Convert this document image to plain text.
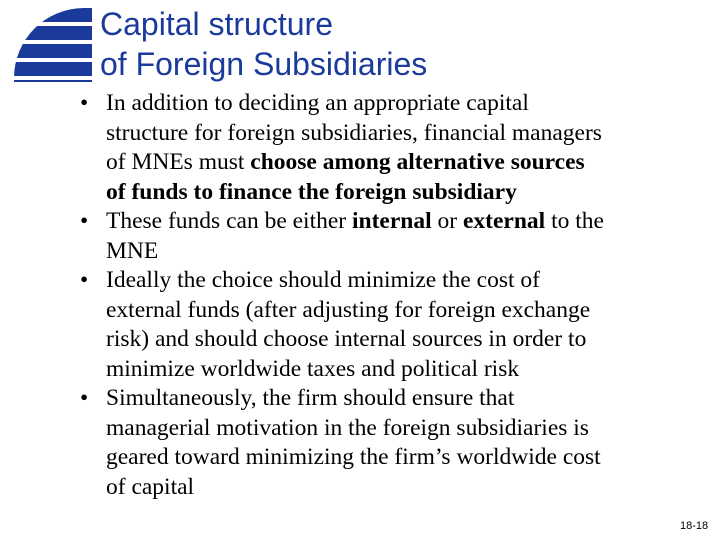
Capital structure
of Foreign Subsidiaries
• In addition to deciding an appropriate capital
structure for foreign subsidiaries, financial managers
of MNEs must choose among alternative sources
of funds to finance the foreign subsidiary
• These funds can be either internal or external to the
MNE
• Ideally the choice should minimize the cost of
external funds (after adjusting for foreign exchange
risk) and should choose internal sources in order to
minimize worldwide taxes and political risk
• Simultaneously, the firm should ensure that
managerial motivation in the foreign subsidiaries is
geared toward minimizing the firm’s worldwide cost
of capital
18-18
